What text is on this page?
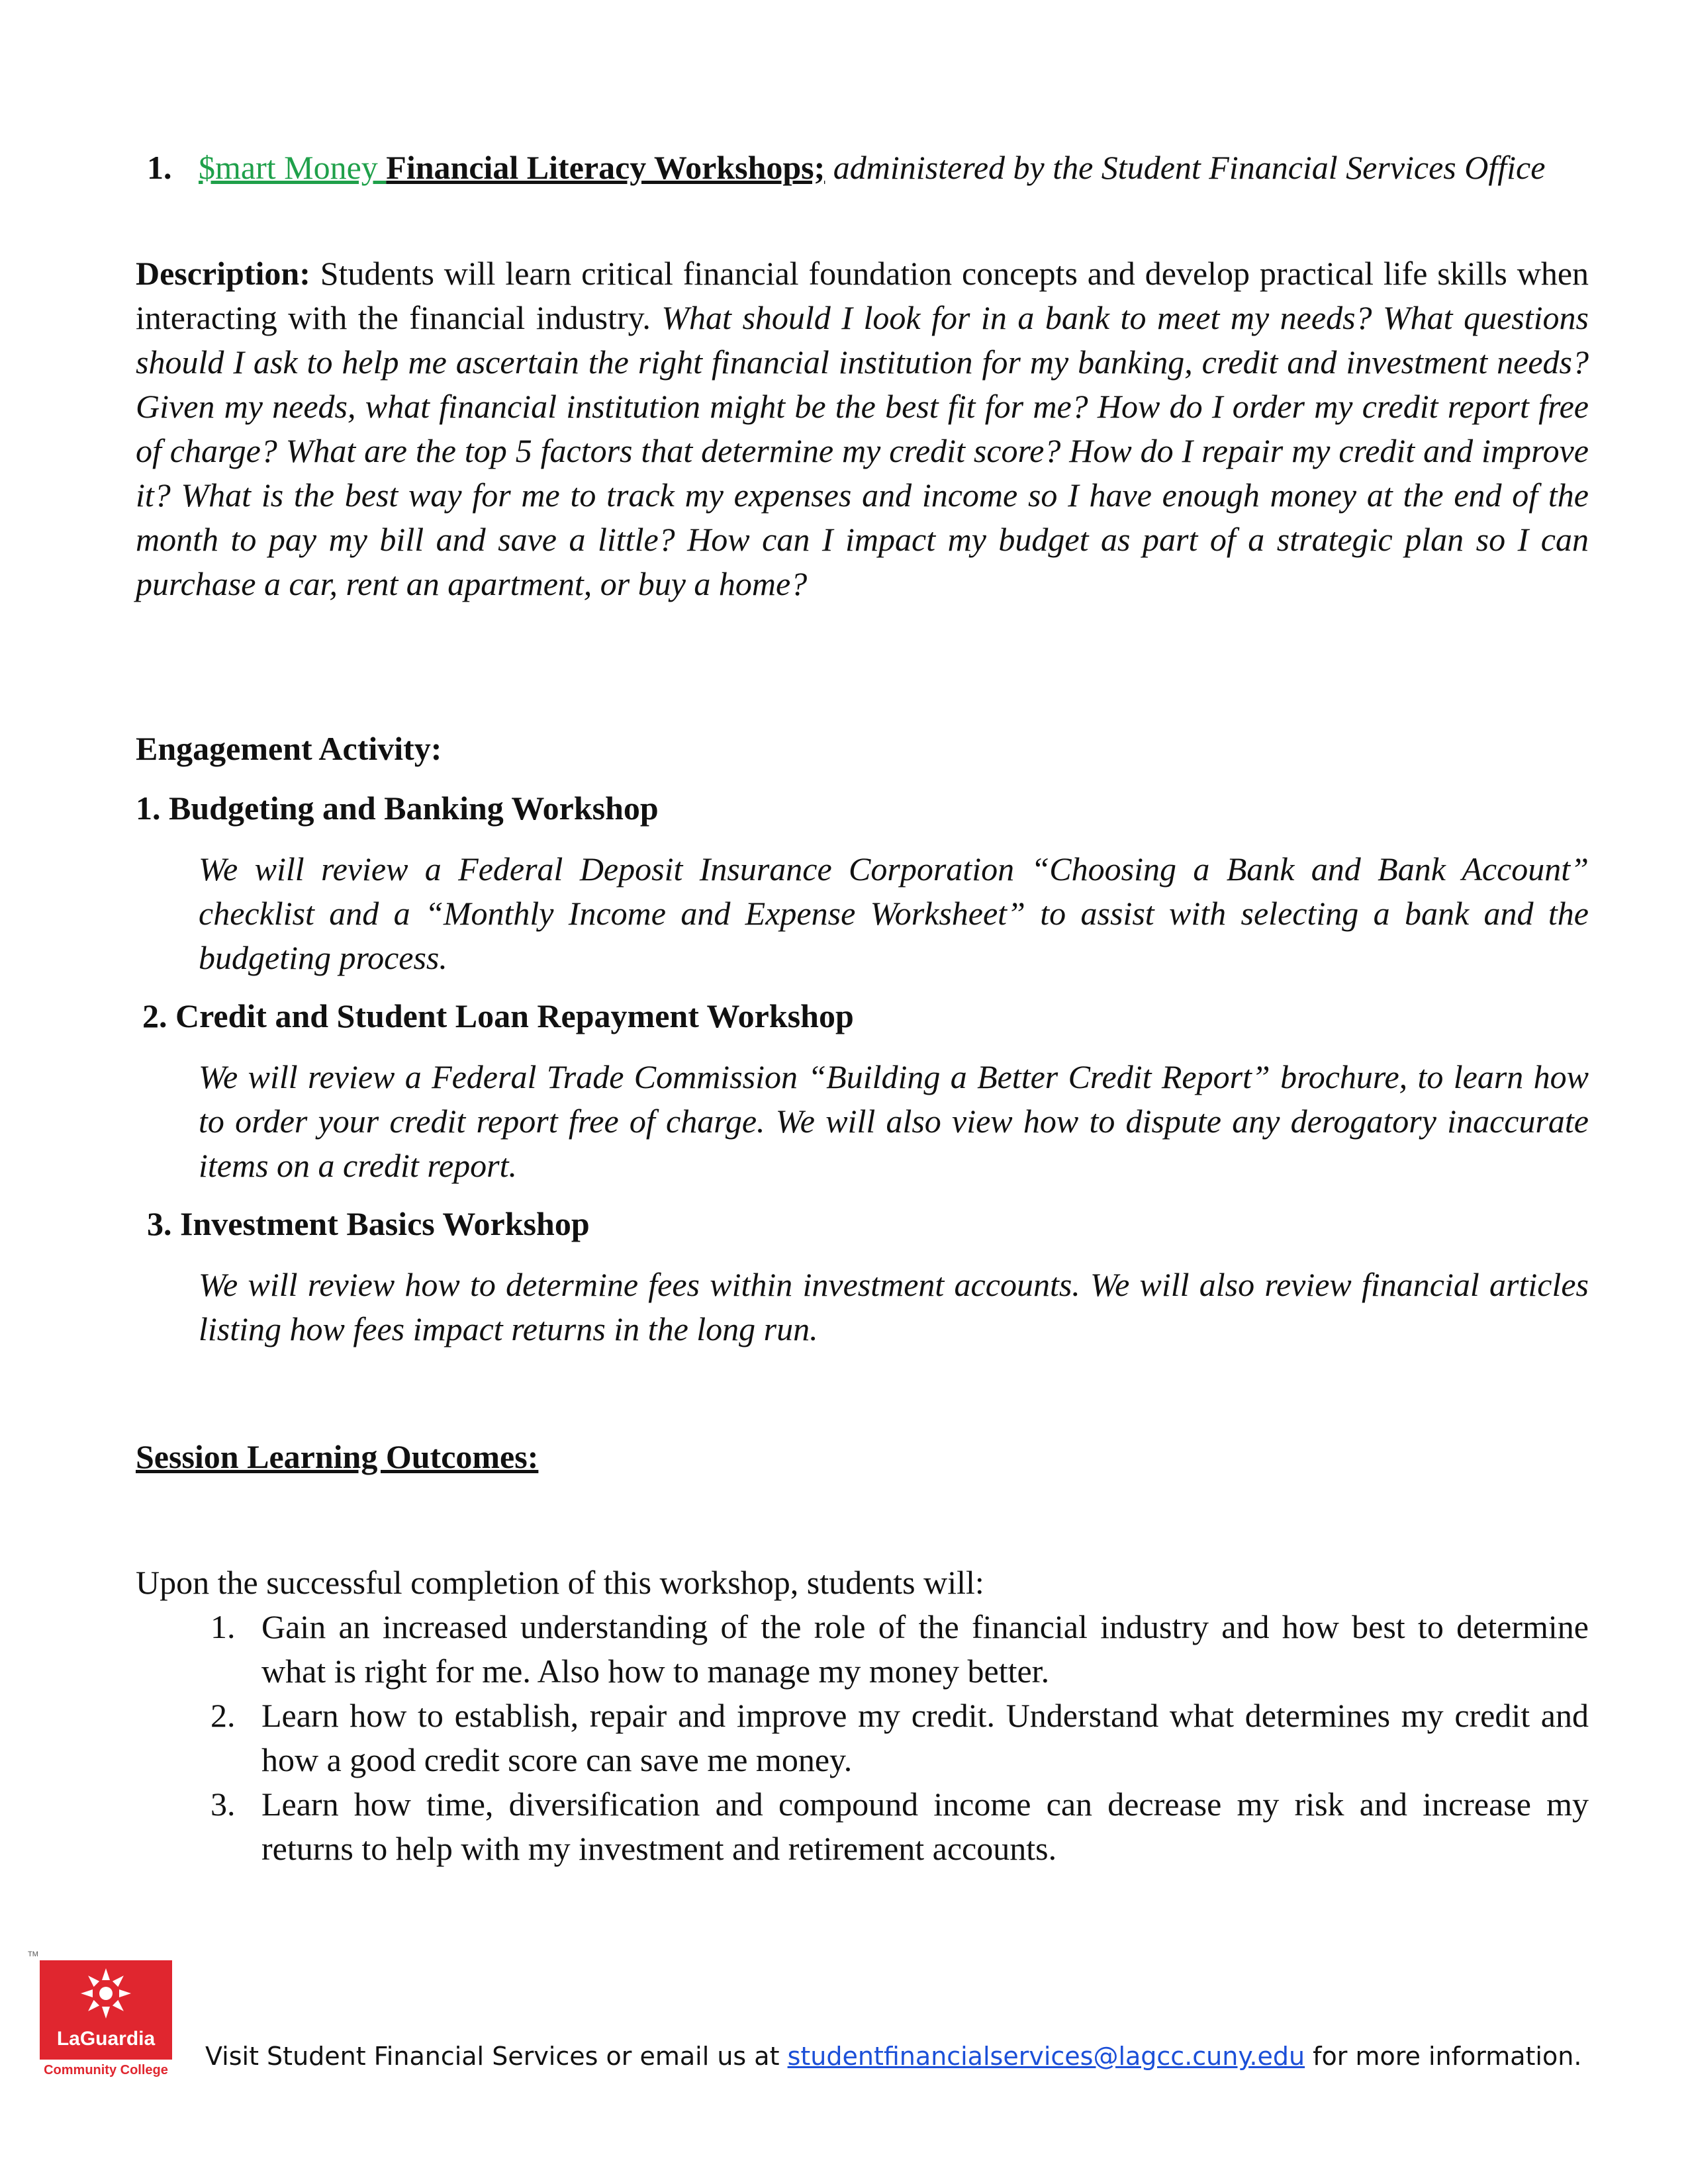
1. $mart Money Financial Literacy Workshops; administered by the Student Financial Services Office
Description: Students will learn critical financial foundation concepts and develop practical life skills when interacting with the financial industry. What should I look for in a bank to meet my needs? What questions should I ask to help me ascertain the right financial institution for my banking, credit and investment needs? Given my needs, what financial institution might be the best fit for me? How do I order my credit report free of charge? What are the top 5 factors that determine my credit score? How do I repair my credit and improve it? What is the best way for me to track my expenses and income so I have enough money at the end of the month to pay my bill and save a little? How can I impact my budget as part of a strategic plan so I can purchase a car, rent an apartment, or buy a home?
Engagement Activity:
1. Budgeting and Banking Workshop
We will review a Federal Deposit Insurance Corporation “Choosing a Bank and Bank Account” checklist and a “Monthly Income and Expense Worksheet” to assist with selecting a bank and the budgeting process.
2. Credit and Student Loan Repayment Workshop
We will review a Federal Trade Commission “Building a Better Credit Report” brochure, to learn how to order your credit report free of charge. We will also view how to dispute any derogatory inaccurate items on a credit report.
3. Investment Basics Workshop
We will review how to determine fees within investment accounts. We will also review financial articles listing how fees impact returns in the long run.
Session Learning Outcomes:
Upon the successful completion of this workshop, students will:
1. Gain an increased understanding of the role of the financial industry and how best to determine what is right for me. Also how to manage my money better.
2. Learn how to establish, repair and improve my credit. Understand what determines my credit and how a good credit score can save me money.
3. Learn how time, diversification and compound income can decrease my risk and increase my returns to help with my investment and retirement accounts.
TM
LaGuardia
Community College Visit Student Financial Services or email us at studentfinancialservices@lagcc.cuny.edu for more information.
